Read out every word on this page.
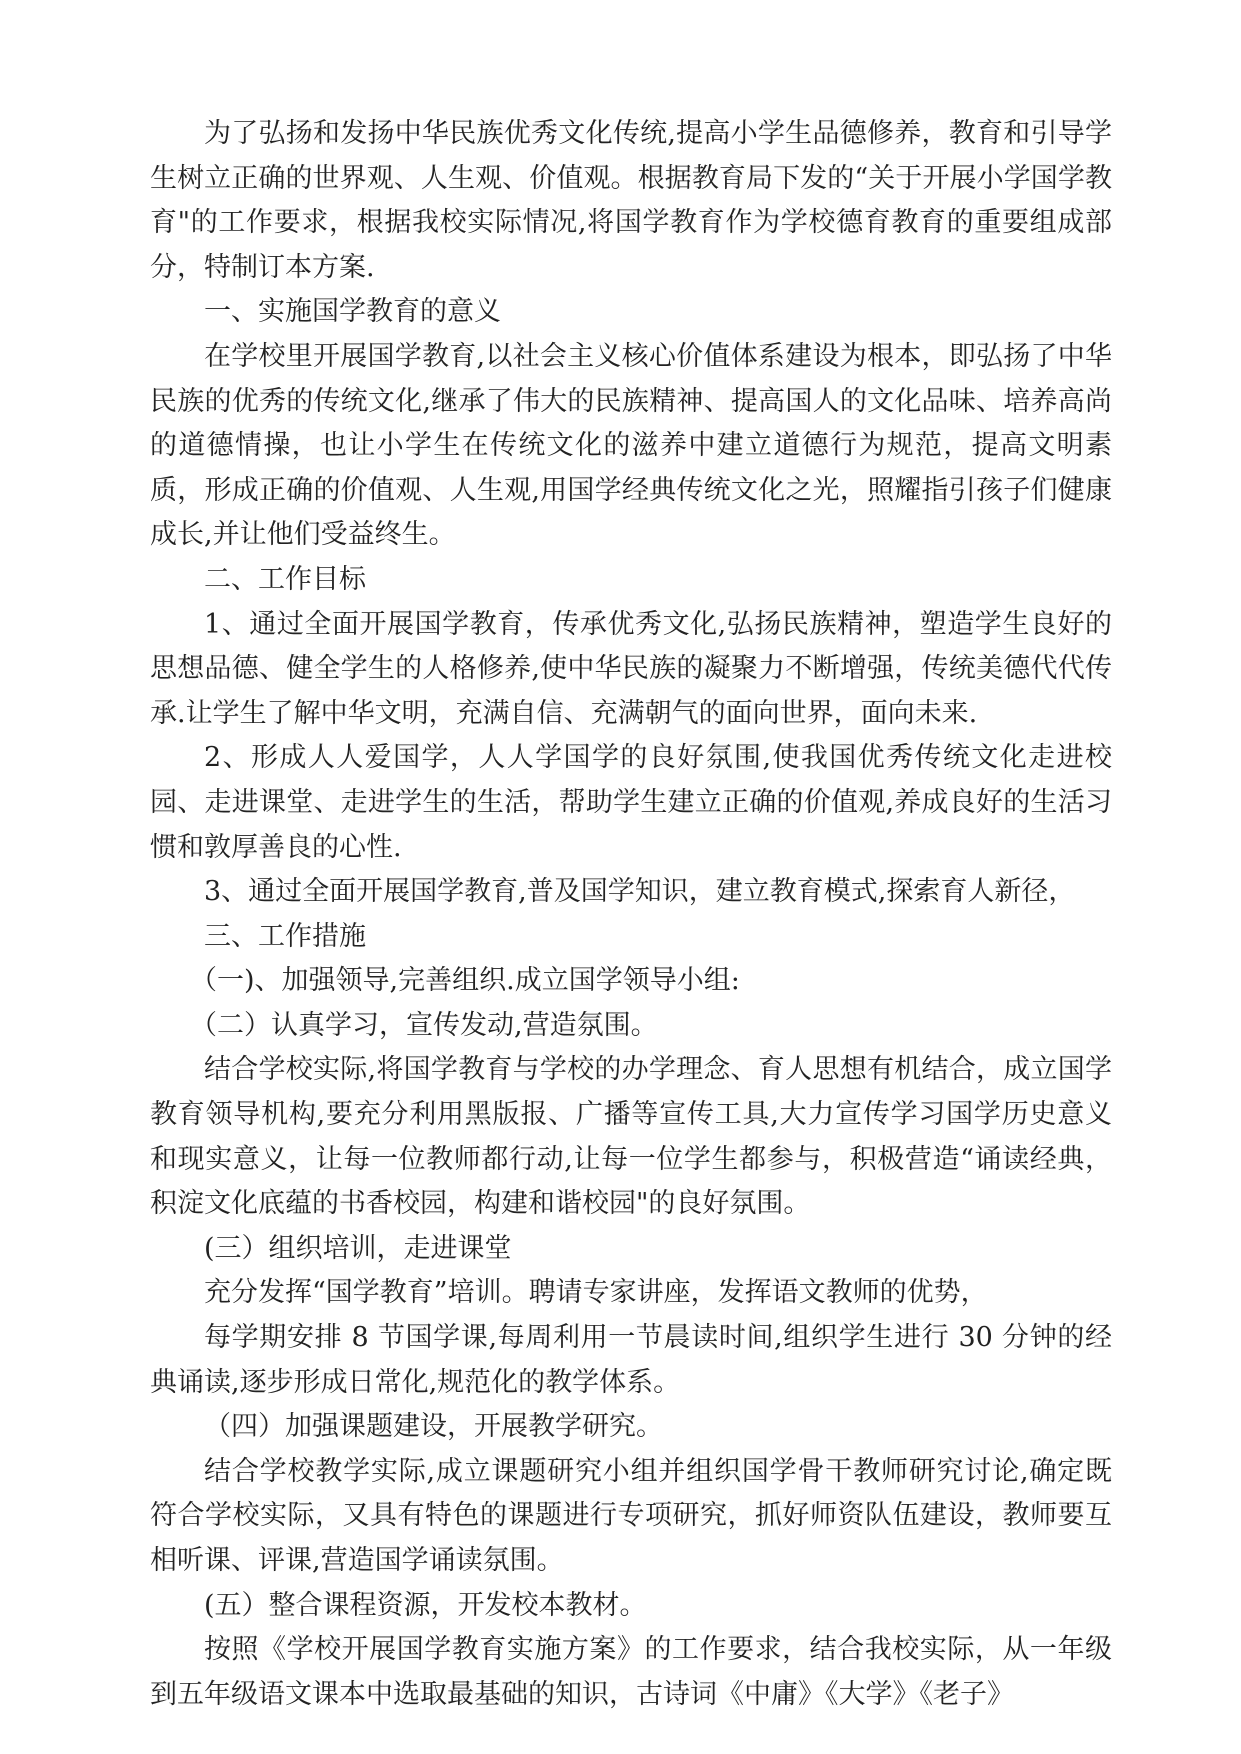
为了弘扬和发扬中华民族优秀文化传统,提高小学生品德修养，教育和引导学生树立正确的世界观、人生观、价值观。根据教育局下发的“关于开展小学国学教育"的工作要求，根据我校实际情况,将国学教育作为学校德育教育的重要组成部分，特制订本方案.

一、实施国学教育的意义

在学校里开展国学教育,以社会主义核心价值体系建设为根本，即弘扬了中华民族的优秀的传统文化,继承了伟大的民族精神、提高国人的文化品味、培养高尚的道德情操，也让小学生在传统文化的滋养中建立道德行为规范，提高文明素质，形成正确的价值观、人生观,用国学经典传统文化之光，照耀指引孩子们健康成长,并让他们受益终生。

二、工作目标

1、通过全面开展国学教育，传承优秀文化,弘扬民族精神，塑造学生良好的思想品德、健全学生的人格修养,使中华民族的凝聚力不断增强，传统美德代代传承.让学生了解中华文明，充满自信、充满朝气的面向世界，面向未来.

2、形成人人爱国学，人人学国学的良好氛围,使我国优秀传统文化走进校园、走进课堂、走进学生的生活，帮助学生建立正确的价值观,养成良好的生活习惯和敦厚善良的心性.

3、通过全面开展国学教育,普及国学知识，建立教育模式,探索育人新径，

三、工作措施

（一)、加强领导,完善组织.成立国学领导小组:

（二）认真学习，宣传发动,营造氛围。

结合学校实际,将国学教育与学校的办学理念、育人思想有机结合，成立国学教育领导机构,要充分利用黑版报、广播等宣传工具,大力宣传学习国学历史意义和现实意义，让每一位教师都行动,让每一位学生都参与，积极营造“诵读经典，积淀文化底蕴的书香校园，构建和谐校园"的良好氛围。

(三）组织培训，走进课堂

充分发挥“国学教育”培训。聘请专家讲座，发挥语文教师的优势，

每学期安排 8 节国学课,每周利用一节晨读时间,组织学生进行 30 分钟的经典诵读,逐步形成日常化,规范化的教学体系。

（四）加强课题建设，开展教学研究。

结合学校教学实际,成立课题研究小组并组织国学骨干教师研究讨论,确定既符合学校实际，又具有特色的课题进行专项研究，抓好师资队伍建设，教师要互相听课、评课,营造国学诵读氛围。

(五）整合课程资源，开发校本教材。

按照《学校开展国学教育实施方案》的工作要求，结合我校实际，从一年级到五年级语文课本中选取最基础的知识，古诗词《中庸》《大学》《老子》
